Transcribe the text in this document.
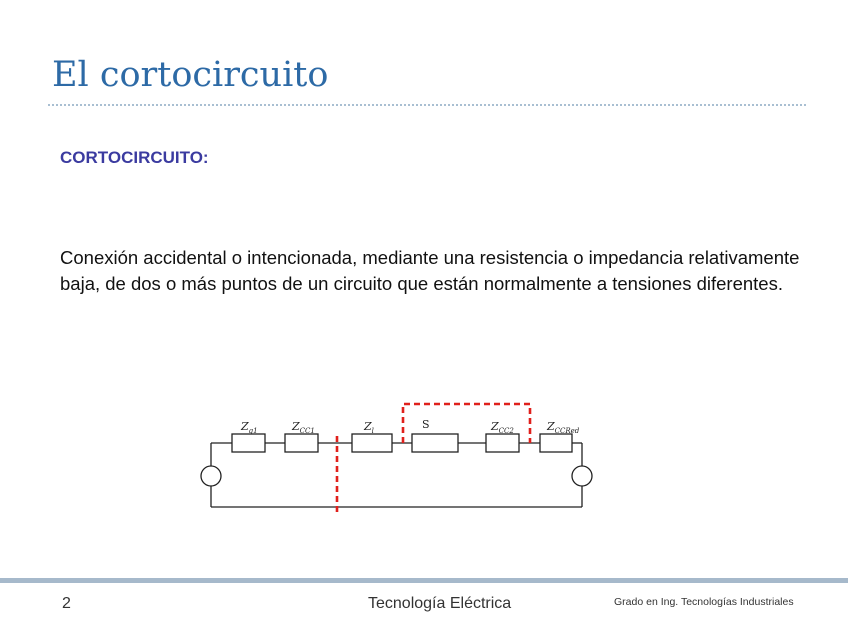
El cortocircuito
CORTOCIRCUITO:
Conexión accidental o intencionada, mediante una resistencia o impedancia relativamente baja, de dos o más puntos de un circuito que están normalmente a tensiones diferentes.
$Z_{g1}$	$Z_{CC1}$	$Z_l$	S	$Z_{CC2}$	$Z_{CCRed}$
2	Tecnología Eléctrica	Grado en Ing. Tecnologías Industriales
